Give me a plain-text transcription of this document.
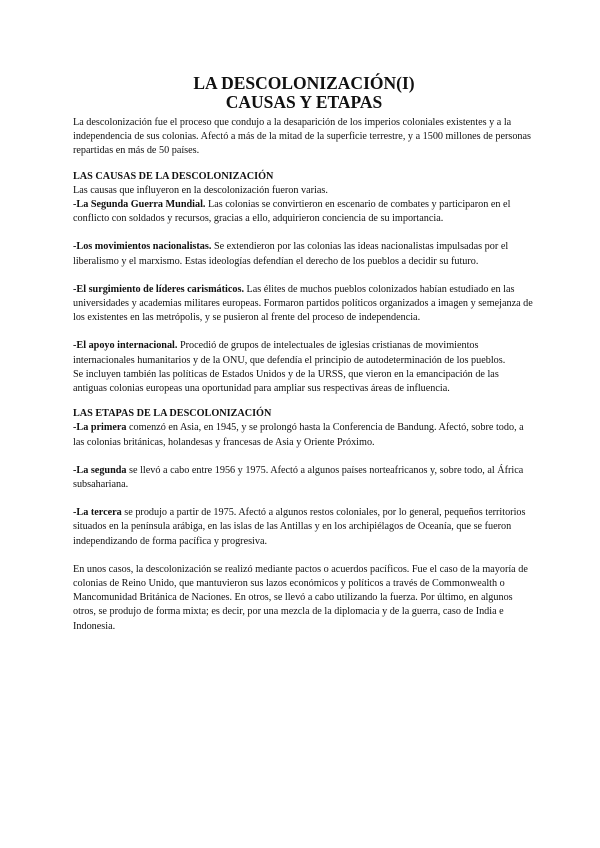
LA DESCOLONIZACIÓN(I)
CAUSAS Y ETAPAS

La descolonización fue el proceso que condujo a la desaparición de los imperios coloniales existentes y a la independencia de sus colonias. Afectó a más de la mitad de la superficie terrestre, y a 1500 millones de personas repartidas en más de 50 países.

LAS CAUSAS DE LA DESCOLONIZACIÓN

Las causas que influyeron en la descolonización fueron varias.

-La Segunda Guerra Mundial. Las colonias se convirtieron en escenario de combates y participaron en el conflicto con soldados y recursos, gracias a ello, adquirieron conciencia de su importancia.

-Los movimientos nacionalistas. Se extendieron por las colonias las ideas nacionalistas impulsadas por el liberalismo y el marxismo. Estas ideologías defendían el derecho de los pueblos a decidir su futuro.

-El surgimiento de líderes carismáticos. Las élites de muchos pueblos colonizados habían estudiado en las universidades y academias militares europeas. Formaron partidos políticos organizados a imagen y semejanza de los existentes en las metrópolis, y se pusieron al frente del proceso de independencia.

-El apoyo internacional. Procedió de grupos de intelectuales de iglesias cristianas de movimientos internacionales humanitarios y de la ONU, que defendía el principio de autodeterminación de los pueblos.

Se incluyen también las políticas de Estados Unidos y de la URSS, que vieron en la emancipación de las antiguas colonias europeas una oportunidad para ampliar sus respectivas áreas de influencia.

LAS ETAPAS DE LA DESCOLONIZACIÓN

-La primera comenzó en Asia, en 1945, y se prolongó hasta la Conferencia de Bandung. Afectó, sobre todo, a las colonias británicas, holandesas y francesas de Asia y Oriente Próximo.

-La segunda se llevó a cabo entre 1956 y 1975. Afectó a algunos países norteafricanos y, sobre todo, al África subsahariana.

-La tercera se produjo a partir de 1975. Afectó a algunos restos coloniales, por lo general, pequeños territorios situados en la península arábiga, en las islas de las Antillas y en los archipiélagos de Oceanía, que se fueron independizando de forma pacífica y progresiva.

En unos casos, la descolonización se realizó mediante pactos o acuerdos pacíficos. Fue el caso de la mayoría de colonias de Reino Unido, que mantuvieron sus lazos económicos y políticos a través de Commonwealth o Mancomunidad Británica de Naciones. En otros, se llevó a cabo utilizando la fuerza. Por último, en algunos otros, se produjo de forma mixta; es decir, por una mezcla de la diplomacia y de la guerra, caso de India e Indonesia.
